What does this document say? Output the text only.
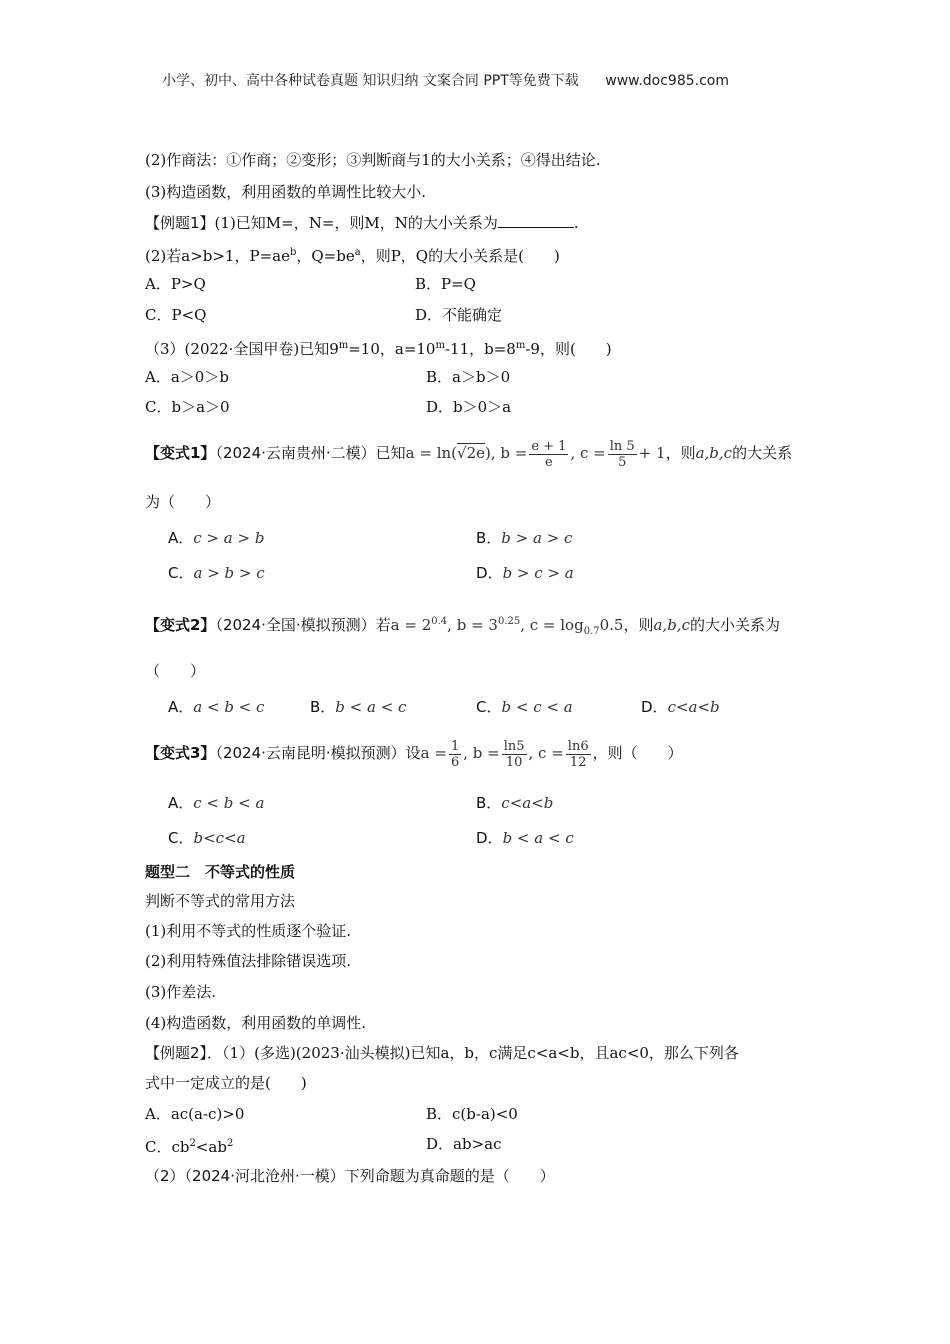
小学、初中、高中各种试卷真题 知识归纳 文案合同 PPT等免费下载 www.doc985.com
(2)作商法：①作商；②变形；③判断商与1的大小关系；④得出结论.
(3)构造函数，利用函数的单调性比较大小.
【例题1】(1)已知M=，N=，则M，N的大小关系为	.
(2)若a>b>1，$P=ae^b$，$Q=be^a$，则P，Q的大小关系是(　　)
A．P>Q	B．P=Q
C．P<Q	D．不能确定
（3）(2022·全国甲卷)已知$9^m=10$，$a=10^m-11$，$b=8^m-9$，则(　　)
A．a＞0＞b	B．a＞b＞0
C．b＞a＞0	D．b＞0＞a
【变式1】（2024·云南贵州·二模）已知a = ln(√2e), $b = \frac{e + 1}{e}$ , $c = \frac{\ln 5}{5} + 1$，则a,b,c的大关系
为（　　）
A．c > a > b	B．b > a > c
C．a > b > c	D．b > c > a
【变式2】（2024·全国·模拟预测）若$a = 2^{0.4}$, $b = 3^{0.25}$, $c = \log_{0.7}0.5$，则a,b,c的大小关系为
（　　）
A．a < b < c	B．b < a < c	C．b < c < a	D．c<a<b
【变式3】（2024·云南昆明·模拟预测）设$a = \frac{1}{6}$ , $b = \frac{\ln 5}{10}$ , $c = \frac{\ln 6}{12}$ ，则（　　）
A．c < b < a	B．c<a<b
C．b<c<a	D．b < a < c
题型二　不等式的性质
判断不等式的常用方法
(1)利用不等式的性质逐个验证.
(2)利用特殊值法排除错误选项.
(3)作差法.
(4)构造函数，利用函数的单调性.
【例题2】．（1）(多选)(2023·汕头模拟)已知a，b，c满足c<a<b，且ac<0，那么下列各
式中一定成立的是(　　)
A．ac(a-c)>0	B．c(b-a)<0
C．$cb^2<ab^2$	D．ab>ac
（2）（2024·河北沧州·一模）下列命题为真命题的是（　　）
